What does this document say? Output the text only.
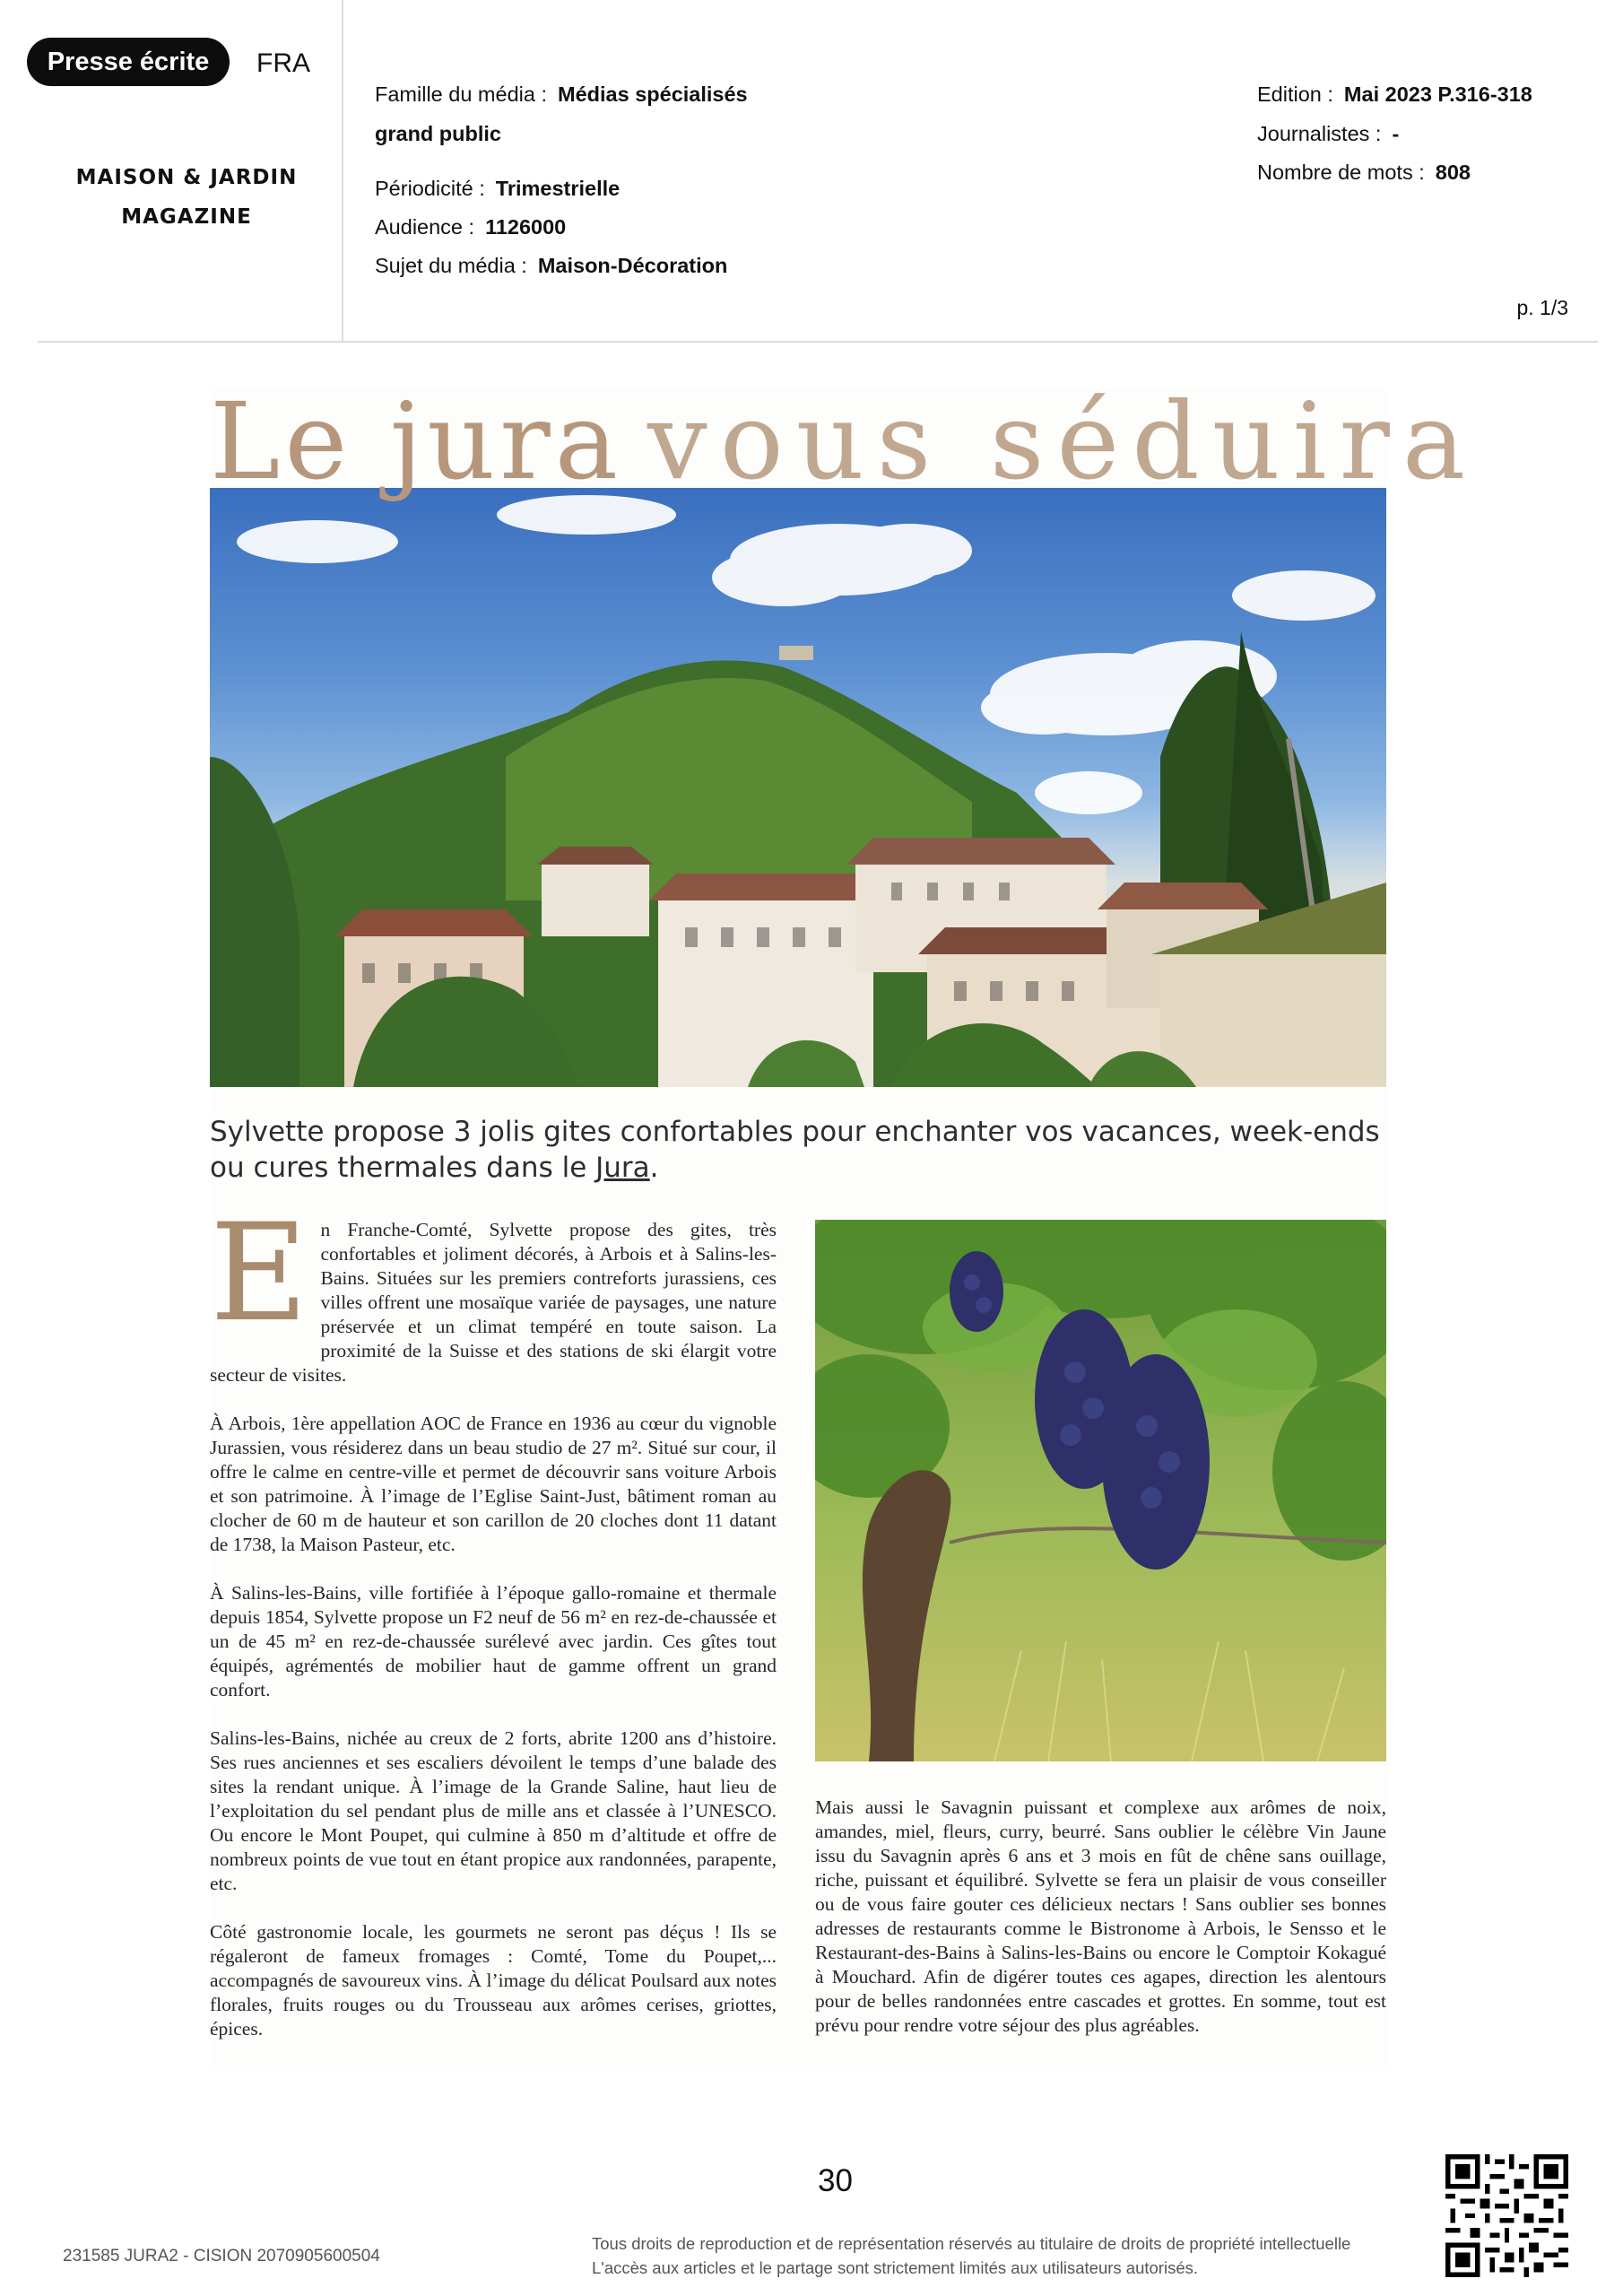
Presse écrite	FRA
MAISON & JARDIN
MAGAZINE
Famille du média : Médias spécialisés
grand public
Périodicité : Trimestrielle
Audience : 1126000
Sujet du média : Maison-Décoration
Edition : Mai 2023 P.316-318
Journalistes : -
Nombre de mots : 808
p. 1/3
Le jura vous séduira
Sylvette propose 3 jolis gites confortables pour enchanter vos vacances, week-ends ou cures thermales dans le Jura.

En Franche-Comté, Sylvette propose des gites, très confortables et joliment décorés, à Arbois et à Salins-les-Bains. Situées sur les premiers contreforts jurassiens, ces villes offrent une mosaïque variée de paysages, une nature préservée et un climat tempéré en toute saison. La proximité de la Suisse et des stations de ski élargit votre secteur de visites.

À Arbois, 1ère appellation AOC de France en 1936 au cœur du vignoble Jurassien, vous résiderez dans un beau studio de 27 m². Situé sur cour, il offre le calme en centre-ville et permet de découvrir sans voiture Arbois et son patrimoine. À l’image de l’Eglise Saint-Just, bâtiment roman au clocher de 60 m de hauteur et son carillon de 20 cloches dont 11 datant de 1738, la Maison Pasteur, etc.

À Salins-les-Bains, ville fortifiée à l’époque gallo-romaine et thermale depuis 1854, Sylvette propose un F2 neuf de 56 m² en rez-de-chaussée et un de 45 m² en rez-de-chaussée surélevé avec jardin. Ces gîtes tout équipés, agrémentés de mobilier haut de gamme offrent un grand confort.

Salins-les-Bains, nichée au creux de 2 forts, abrite 1200 ans d’histoire. Ses rues anciennes et ses escaliers dévoilent le temps d’une balade des sites la rendant unique. À l’image de la Grande Saline, haut lieu de l’exploitation du sel pendant plus de mille ans et classée à l’UNESCO. Ou encore le Mont Poupet, qui culmine à 850 m d’altitude et offre de nombreux points de vue tout en étant propice aux randonnées, parapente, etc.

Côté gastronomie locale, les gourmets ne seront pas déçus ! Ils se régaleront de fameux fromages : Comté, Tome du Poupet,... accompagnés de savoureux vins. À l’image du délicat Poulsard aux notes florales, fruits rouges ou du Trousseau aux arômes cerises, griottes, épices.

Mais aussi le Savagnin puissant et complexe aux arômes de noix, amandes, miel, fleurs, curry, beurré. Sans oublier le célèbre Vin Jaune issu du Savagnin après 6 ans et 3 mois en fût de chêne sans ouillage, riche, puissant et équilibré. Sylvette se fera un plaisir de vous conseiller ou de vous faire gouter ces délicieux nectars ! Sans oublier ses bonnes adresses de restaurants comme le Bistronome à Arbois, le Sensso et le Restaurant-des-Bains à Salins-les-Bains ou encore le Comptoir Kokagué à Mouchard. Afin de digérer toutes ces agapes, direction les alentours pour de belles randonnées entre cascades et grottes. En somme, tout est prévu pour rendre votre séjour des plus agréables.

30
231585 JURA2 - CISION 2070905600504
Tous droits de reproduction et de représentation réservés au titulaire de droits de propriété intellectuelle
L'accès aux articles et le partage sont strictement limités aux utilisateurs autorisés.
